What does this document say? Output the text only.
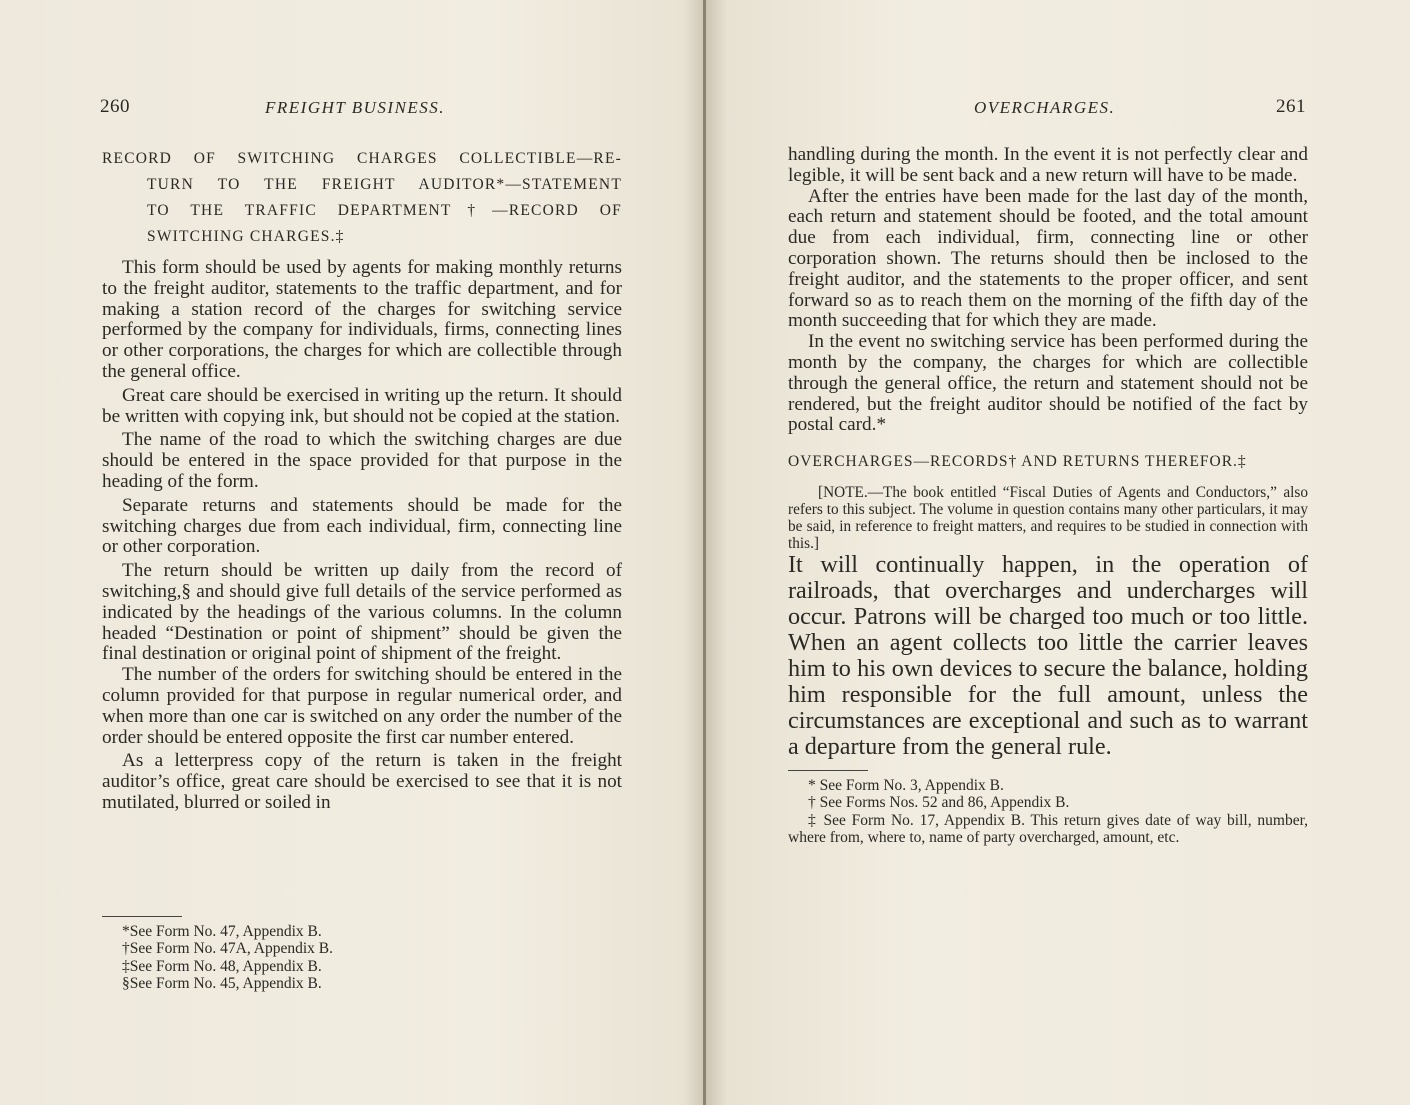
260	FREIGHT BUSINESS.
RECORD OF SWITCHING CHARGES COLLECTIBLE—RE-
TURN TO THE FREIGHT AUDITOR*—STATEMENT
TO THE TRAFFIC DEPARTMENT†—RECORD OF
SWITCHING CHARGES.‡

This form should be used by agents for making monthly returns to the freight auditor, statements to the traffic department, and for making a station record of the charges for switching service performed by the company for individuals, firms, connecting lines or other corporations, the charges for which are collectible through the general office.

Great care should be exercised in writing up the return. It should be written with copying ink, but should not be copied at the station.

The name of the road to which the switching charges are due should be entered in the space provided for that purpose in the heading of the form.

Separate returns and statements should be made for the switching charges due from each individual, firm, connecting line or other corporation.

The return should be written up daily from the record of switching,§ and should give full details of the service performed as indicated by the headings of the various columns. In the column headed “Destination or point of shipment” should be given the final destination or original point of shipment of the freight.

The number of the orders for switching should be entered in the column provided for that purpose in regular numerical order, and when more than one car is switched on any order the number of the order should be entered opposite the first car number entered.

As a letterpress copy of the return is taken in the freight auditor’s office, great care should be exercised to see that it is not mutilated, blurred or soiled in

*See Form No. 47, Appendix B.
†See Form No. 47A, Appendix B.
‡See Form No. 48, Appendix B.
§See Form No. 45, Appendix B.
OVERCHARGES.	261

handling during the month. In the event it is not perfectly clear and legible, it will be sent back and a new return will have to be made.

After the entries have been made for the last day of the month, each return and statement should be footed, and the total amount due from each individual, firm, connecting line or other corporation shown. The returns should then be inclosed to the freight auditor, and the statements to the proper officer, and sent forward so as to reach them on the morning of the fifth day of the month succeeding that for which they are made.

In the event no switching service has been performed during the month by the company, the charges for which are collectible through the general office, the return and statement should not be rendered, but the freight auditor should be notified of the fact by postal card.*

OVERCHARGES—RECORDS† AND RETURNS THEREFOR.‡
[NOTE.—The book entitled “Fiscal Duties of Agents and Conductors,” also refers to this subject. The volume in question contains many other particulars, it may be said, in reference to freight matters, and requires to be studied in connection with this.]

It will continually happen, in the operation of railroads, that overcharges and undercharges will occur. Patrons will be charged too much or too little. When an agent collects too little the carrier leaves him to his own devices to secure the balance, holding him responsible for the full amount, unless the circumstances are exceptional and such as to warrant a departure from the general rule.

* See Form No. 3, Appendix B.
† See Forms Nos. 52 and 86, Appendix B.
‡ See Form No. 17, Appendix B. This return gives date of way bill, number, where from, where to, name of party overcharged, amount, etc.
